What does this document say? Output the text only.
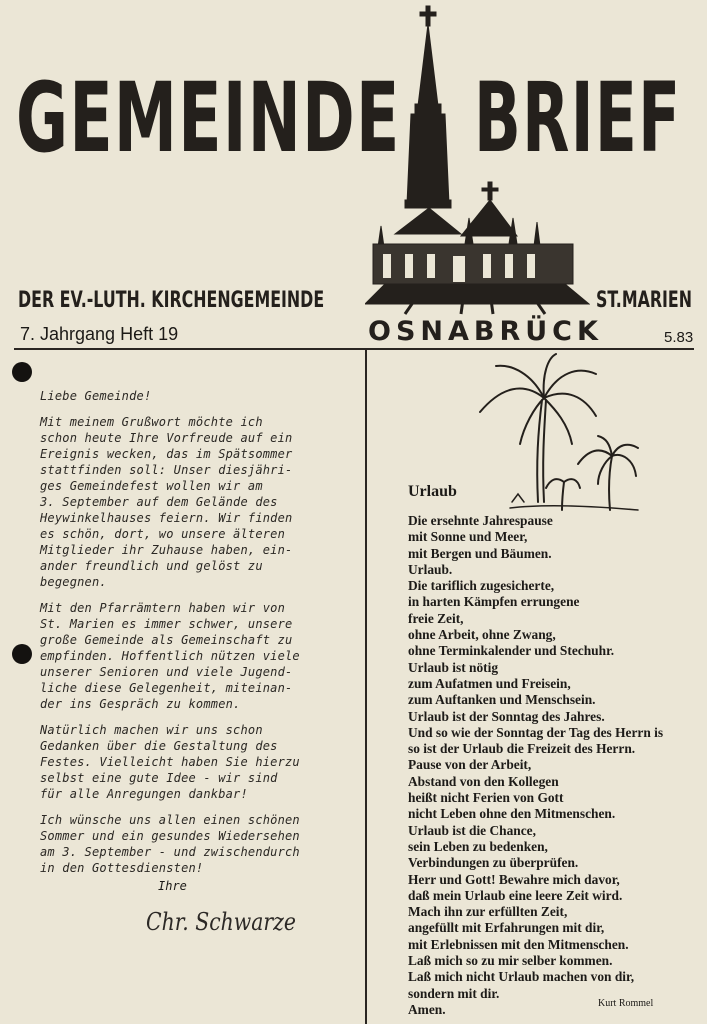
GEMEINDE BRIEF
DER EV.-LUTH. KIRCHENGEMEINDE	ST.MARIEN
OSNABRÜCK
7. Jahrgang Heft 19	5.83

Liebe Gemeinde!

Mit meinem Grußwort möchte ich
schon heute Ihre Vorfreude auf ein
Ereignis wecken, das im Spätsommer
stattfinden soll: Unser diesjähri-
ges Gemeindefest wollen wir am
3. September auf dem Gelände des
Heywinkelhauses feiern. Wir finden
es schön, dort, wo unsere älteren
Mitglieder ihr Zuhause haben, ein-
ander freundlich und gelöst zu
begegnen.

Mit den Pfarrämtern haben wir von
St. Marien es immer schwer, unsere
große Gemeinde als Gemeinschaft zu
empfinden. Hoffentlich nützen viele
unserer Senioren und viele Jugend-
liche diese Gelegenheit, miteinan-
der ins Gespräch zu kommen.

Natürlich machen wir uns schon
Gedanken über die Gestaltung des
Festes. Vielleicht haben Sie hierzu
selbst eine gute Idee - wir sind
für alle Anregungen dankbar!

Ich wünsche uns allen einen schönen
Sommer und ein gesundes Wiedersehen
am 3. September - und zwischendurch
in den Gottesdiensten!

Ihre
Chr. Schwarze
Urlaub
Die ersehnte Jahrespause
mit Sonne und Meer,
mit Bergen und Bäumen.
Urlaub.
Die tariflich zugesicherte,
in harten Kämpfen errungene
freie Zeit,
ohne Arbeit, ohne Zwang,
ohne Terminkalender und Stechuhr.
Urlaub ist nötig
zum Aufatmen und Freisein,
zum Auftanken und Menschsein.
Urlaub ist der Sonntag des Jahres.
Und so wie der Sonntag der Tag des Herrn is
so ist der Urlaub die Freizeit des Herrn.
Pause von der Arbeit,
Abstand von den Kollegen
heißt nicht Ferien von Gott
nicht Leben ohne den Mitmenschen.
Urlaub ist die Chance,
sein Leben zu bedenken,
Verbindungen zu überprüfen.
Herr und Gott! Bewahre mich davor,
daß mein Urlaub eine leere Zeit wird.
Mach ihn zur erfüllten Zeit,
angefüllt mit Erfahrungen mit dir,
mit Erlebnissen mit den Mitmenschen.
Laß mich so zu mir selber kommen.
Laß mich nicht Urlaub machen von dir,
sondern mit dir.
Amen.	Kurt Rommel
